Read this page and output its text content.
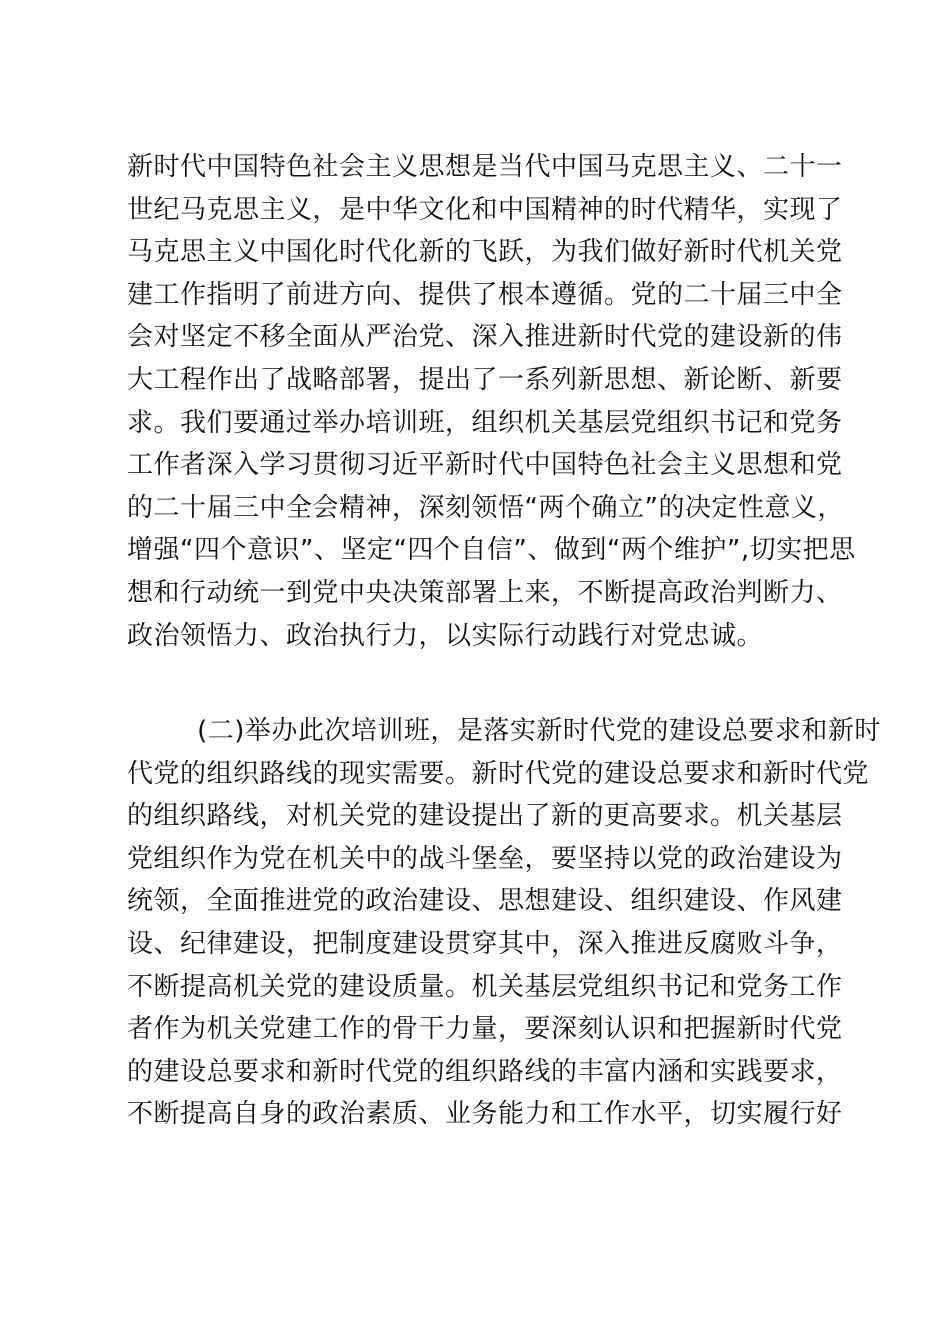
新时代中国特色社会主义思想是当代中国马克思主义、二十一
世纪马克思主义，是中华文化和中国精神的时代精华，实现了
马克思主义中国化时代化新的飞跃，为我们做好新时代机关党
建工作指明了前进方向、提供了根本遵循。党的二十届三中全
会对坚定不移全面从严治党、深入推进新时代党的建设新的伟
大工程作出了战略部署，提出了一系列新思想、新论断、新要
求。我们要通过举办培训班，组织机关基层党组织书记和党务
工作者深入学习贯彻习近平新时代中国特色社会主义思想和党
的二十届三中全会精神，深刻领悟“两个确立”的决定性意义，
增强“四个意识”、坚定“四个自信”、做到“两个维护”,切实把思
想和行动统一到党中央决策部署上来，不断提高政治判断力、
政治领悟力、政治执行力，以实际行动践行对党忠诚。
(二)举办此次培训班，是落实新时代党的建设总要求和新时
代党的组织路线的现实需要。新时代党的建设总要求和新时代党
的组织路线，对机关党的建设提出了新的更高要求。机关基层
党组织作为党在机关中的战斗堡垒，要坚持以党的政治建设为
统领，全面推进党的政治建设、思想建设、组织建设、作风建
设、纪律建设，把制度建设贯穿其中，深入推进反腐败斗争，
不断提高机关党的建设质量。机关基层党组织书记和党务工作
者作为机关党建工作的骨干力量，要深刻认识和把握新时代党
的建设总要求和新时代党的组织路线的丰富内涵和实践要求，
不断提高自身的政治素质、业务能力和工作水平，切实履行好
